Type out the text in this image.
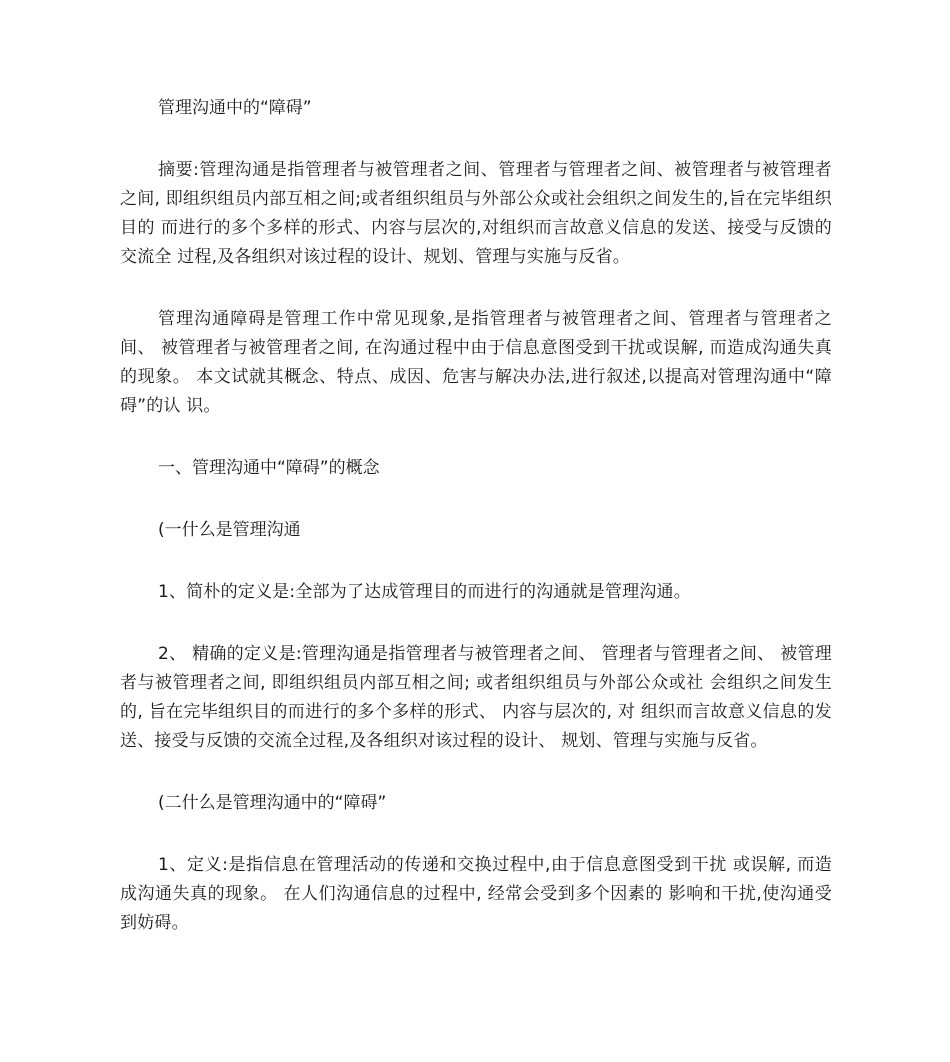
管理沟通中的“障碍”

摘要:管理沟通是指管理者与被管理者之间、管理者与管理者之间、被管理者与被管理者之间, 即组织组员内部互相之间;或者组织组员与外部公众或社会组织之间发生的,旨在完毕组织目的 而进行的多个多样的形式、内容与层次的,对组织而言故意义信息的发送、接受与反馈的交流全 过程,及各组织对该过程的设计、规划、管理与实施与反省。

管理沟通障碍是管理工作中常见现象,是指管理者与被管理者之间、管理者与管理者之间、 被管理者与被管理者之间, 在沟通过程中由于信息意图受到干扰或误解, 而造成沟通失真的现象。 本文试就其概念、特点、成因、危害与解决办法,进行叙述,以提高对管理沟通中“障碍”的认 识。

一、管理沟通中“障碍”的概念

(一什么是管理沟通

1、简朴的定义是:全部为了达成管理目的而进行的沟通就是管理沟通。

2、 精确的定义是:管理沟通是指管理者与被管理者之间、 管理者与管理者之间、 被管理者与被管理者之间, 即组织组员内部互相之间; 或者组织组员与外部公众或社 会组织之间发生的, 旨在完毕组织目的而进行的多个多样的形式、 内容与层次的, 对 组织而言故意义信息的发送、接受与反馈的交流全过程,及各组织对该过程的设计、 规划、管理与实施与反省。

(二什么是管理沟通中的“障碍”

1、定义:是指信息在管理活动的传递和交换过程中,由于信息意图受到干扰 或误解, 而造成沟通失真的现象。 在人们沟通信息的过程中, 经常会受到多个因素的 影响和干扰,使沟通受到妨碍。
